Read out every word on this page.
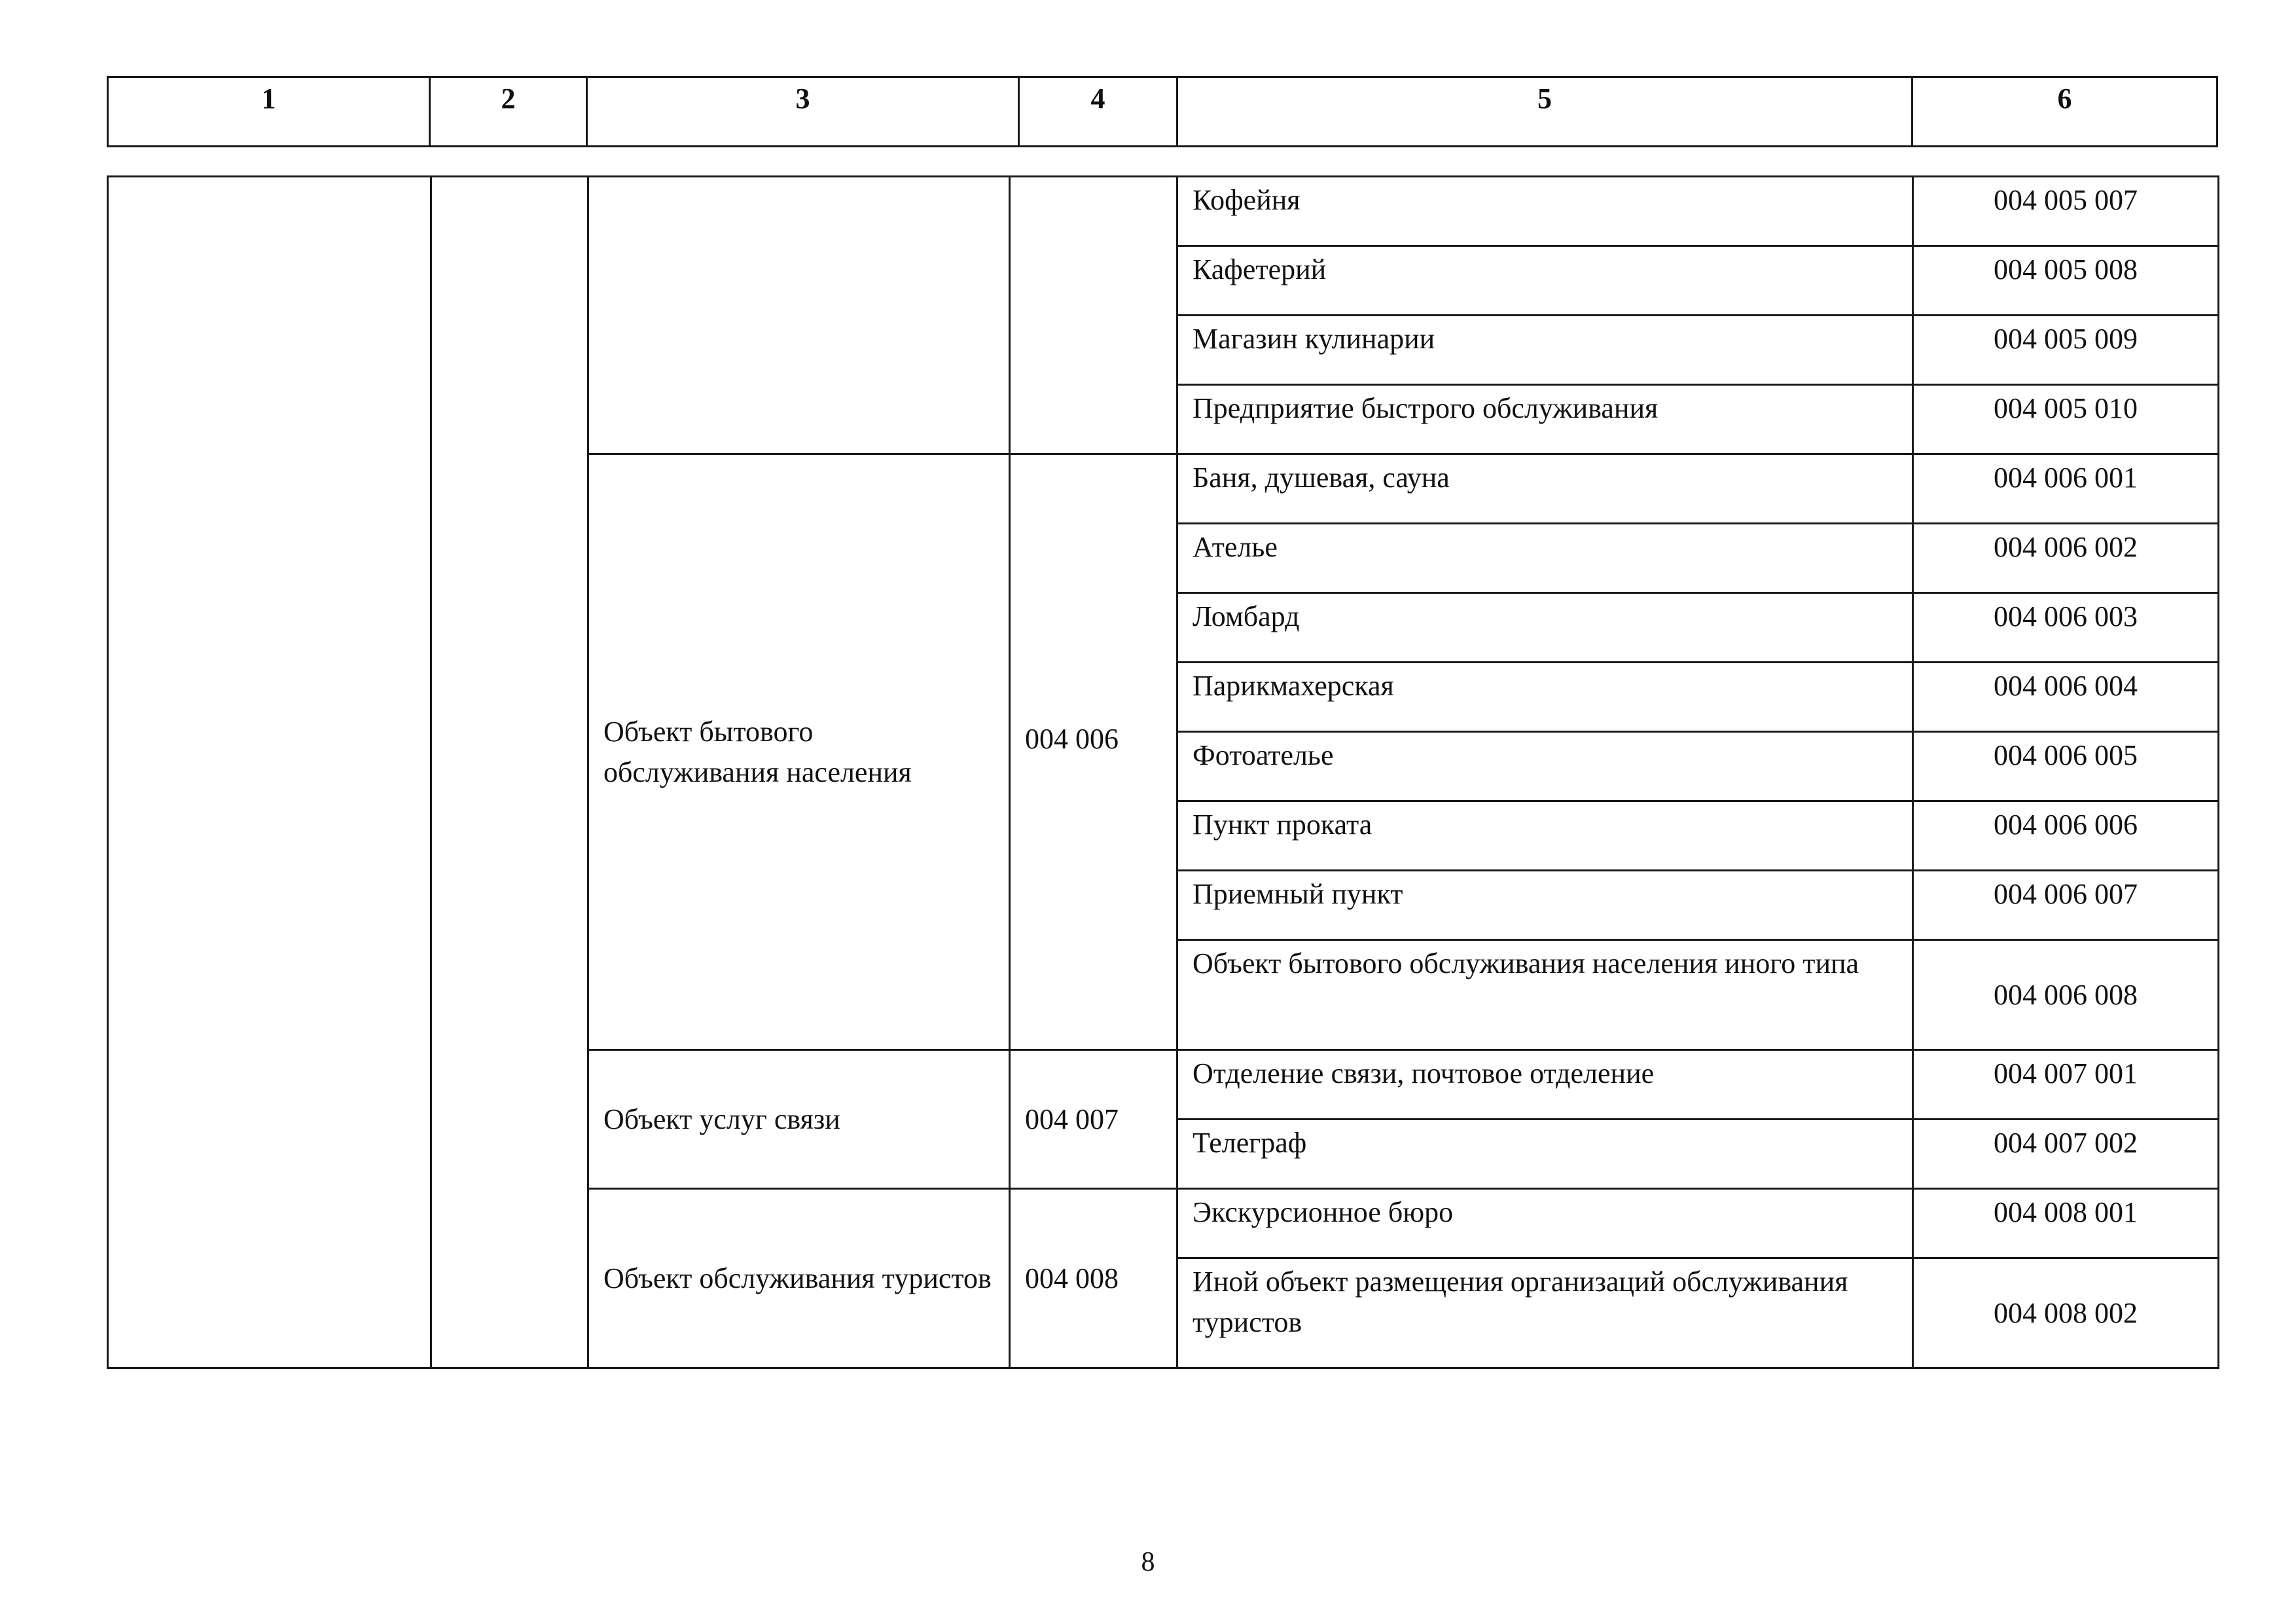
1	2	3	4	5	6
				Кофейня	004 005 007
				Кафетерий	004 005 008
				Магазин кулинарии	004 005 009
				Предприятие быстрого обслуживания	004 005 010
		Объект бытового обслуживания населения	004 006	Баня, душевая, сауна	004 006 001
				Ателье	004 006 002
				Ломбард	004 006 003
				Парикмахерская	004 006 004
				Фотоателье	004 006 005
				Пункт проката	004 006 006
				Приемный пункт	004 006 007
				Объект бытового обслуживания населения иного типа	004 006 008
		Объект услуг связи	004 007	Отделение связи, почтовое отделение	004 007 001
				Телеграф	004 007 002
		Объект обслуживания туристов	004 008	Экскурсионное бюро	004 008 001
				Иной объект размещения организаций обслуживания туристов	004 008 002
8
